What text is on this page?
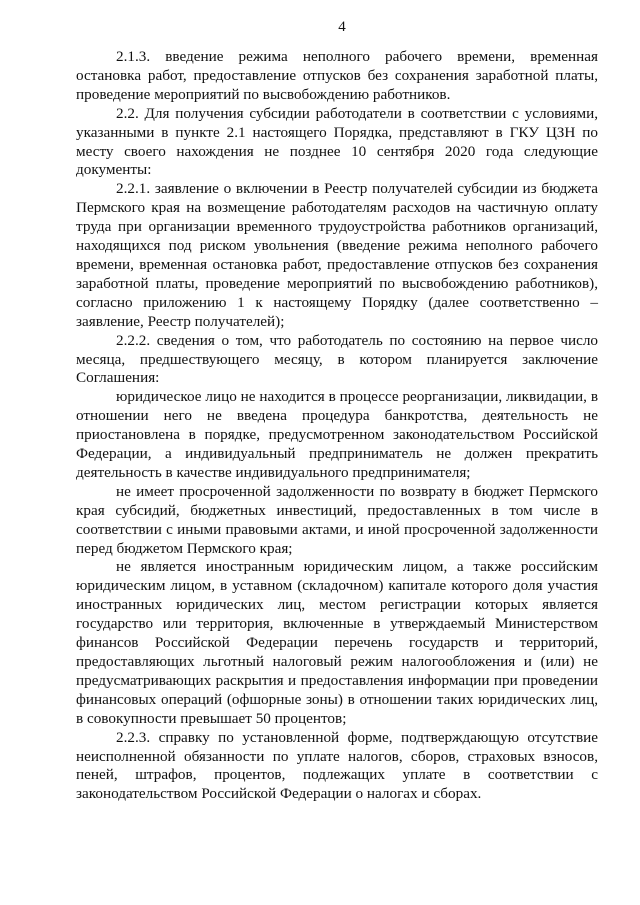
4

2.1.3. введение режима неполного рабочего времени, временная остановка работ, предоставление отпусков без сохранения заработной платы, проведение мероприятий по высвобождению работников.

2.2. Для получения субсидии работодатели в соответствии с условиями, указанными в пункте 2.1 настоящего Порядка, представляют в ГКУ ЦЗН по месту своего нахождения не позднее 10 сентября 2020 года следующие документы:

2.2.1. заявление о включении в Реестр получателей субсидии из бюджета Пермского края на возмещение работодателям расходов на частичную оплату труда при организации временного трудоустройства работников организаций, находящихся под риском увольнения (введение режима неполного рабочего времени, временная остановка работ, предоставление отпусков без сохранения заработной платы, проведение мероприятий по высвобождению работников), согласно приложению 1 к настоящему Порядку (далее соответственно – заявление, Реестр получателей);

2.2.2. сведения о том, что работодатель по состоянию на первое число месяца, предшествующего месяцу, в котором планируется заключение Соглашения:

юридическое лицо не находится в процессе реорганизации, ликвидации, в отношении него не введена процедура банкротства, деятельность не приостановлена в порядке, предусмотренном законодательством Российской Федерации, а индивидуальный предприниматель не должен прекратить деятельность в качестве индивидуального предпринимателя;

не имеет просроченной задолженности по возврату в бюджет Пермского края субсидий, бюджетных инвестиций, предоставленных в том числе в соответствии с иными правовыми актами, и иной просроченной задолженности перед бюджетом Пермского края;

не является иностранным юридическим лицом, а также российским юридическим лицом, в уставном (складочном) капитале которого доля участия иностранных юридических лиц, местом регистрации которых является государство или территория, включенные в утверждаемый Министерством финансов Российской Федерации перечень государств и территорий, предоставляющих льготный налоговый режим налогообложения и (или) не предусматривающих раскрытия и предоставления информации при проведении финансовых операций (офшорные зоны) в отношении таких юридических лиц, в совокупности превышает 50 процентов;

2.2.3. справку по установленной форме, подтверждающую отсутствие неисполненной обязанности по уплате налогов, сборов, страховых взносов, пеней, штрафов, процентов, подлежащих уплате в соответствии с законодательством Российской Федерации о налогах и сборах.
